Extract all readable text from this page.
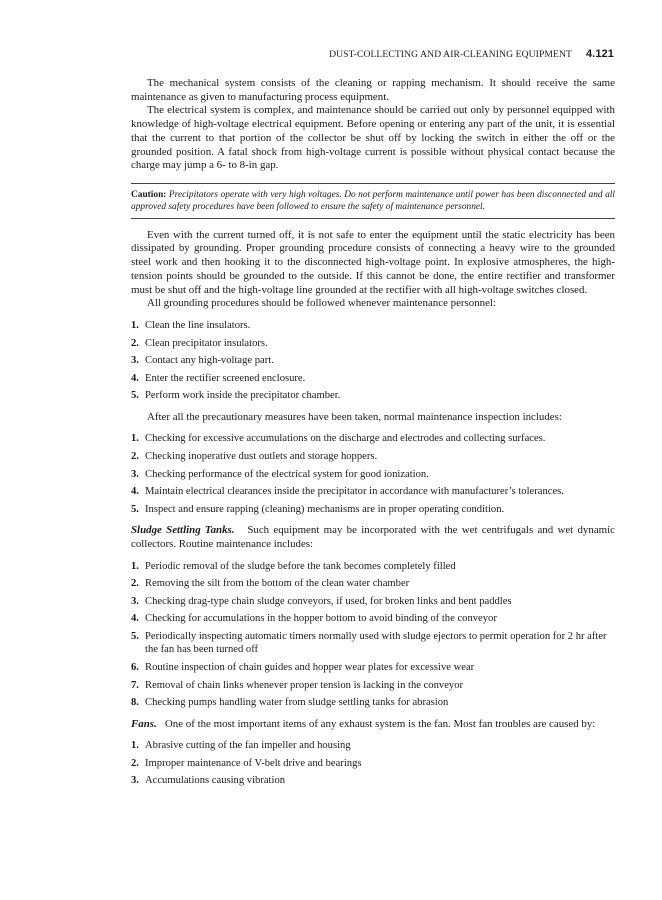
DUST-COLLECTING AND AIR-CLEANING EQUIPMENT 4.121

The mechanical system consists of the cleaning or rapping mechanism. It should receive the same maintenance as given to manufacturing process equipment.

The electrical system is complex, and maintenance should be carried out only by personnel equipped with knowledge of high-voltage electrical equipment. Before opening or entering any part of the unit, it is essential that the current to that portion of the collector be shut off by locking the switch in either the off or the grounded position. A fatal shock from high-voltage current is possible without physical contact because the charge may jump a 6- to 8-in gap.

Caution: Precipitators operate with very high voltages. Do not perform maintenance until power has been disconnected and all approved safety procedures have been followed to ensure the safety of maintenance personnel.

Even with the current turned off, it is not safe to enter the equipment until the static electricity has been dissipated by grounding. Proper grounding procedure consists of connecting a heavy wire to the grounded steel work and then hooking it to the disconnected high-voltage point. In explosive atmospheres, the high-tension points should be grounded to the outside. If this cannot be done, the entire rectifier and transformer must be shut off and the high-voltage line grounded at the rectifier with all high-voltage switches closed.

All grounding procedures should be followed whenever maintenance personnel:

1. Clean the line insulators.
2. Clean precipitator insulators.
3. Contact any high-voltage part.
4. Enter the rectifier screened enclosure.
5. Perform work inside the precipitator chamber.

After all the precautionary measures have been taken, normal maintenance inspection includes:

1. Checking for excessive accumulations on the discharge and electrodes and collecting surfaces.
2. Checking inoperative dust outlets and storage hoppers.
3. Checking performance of the electrical system for good ionization.
4. Maintain electrical clearances inside the precipitator in accordance with manufacturer’s tolerances.
5. Inspect and ensure rapping (cleaning) mechanisms are in proper operating condition.

Sludge Settling Tanks. Such equipment may be incorporated with the wet centrifugals and wet dynamic collectors. Routine maintenance includes:

1. Periodic removal of the sludge before the tank becomes completely filled
2. Removing the silt from the bottom of the clean water chamber
3. Checking drag-type chain sludge conveyors, if used, for broken links and bent paddles
4. Checking for accumulations in the hopper bottom to avoid binding of the conveyor
5. Periodically inspecting automatic timers normally used with sludge ejectors to permit operation for 2 hr after the fan has been turned off
6. Routine inspection of chain guides and hopper wear plates for excessive wear
7. Removal of chain links whenever proper tension is lacking in the conveyor
8. Checking pumps handling water from sludge settling tanks for abrasion

Fans. One of the most important items of any exhaust system is the fan. Most fan troubles are caused by:

1. Abrasive cutting of the fan impeller and housing
2. Improper maintenance of V-belt drive and bearings
3. Accumulations causing vibration
